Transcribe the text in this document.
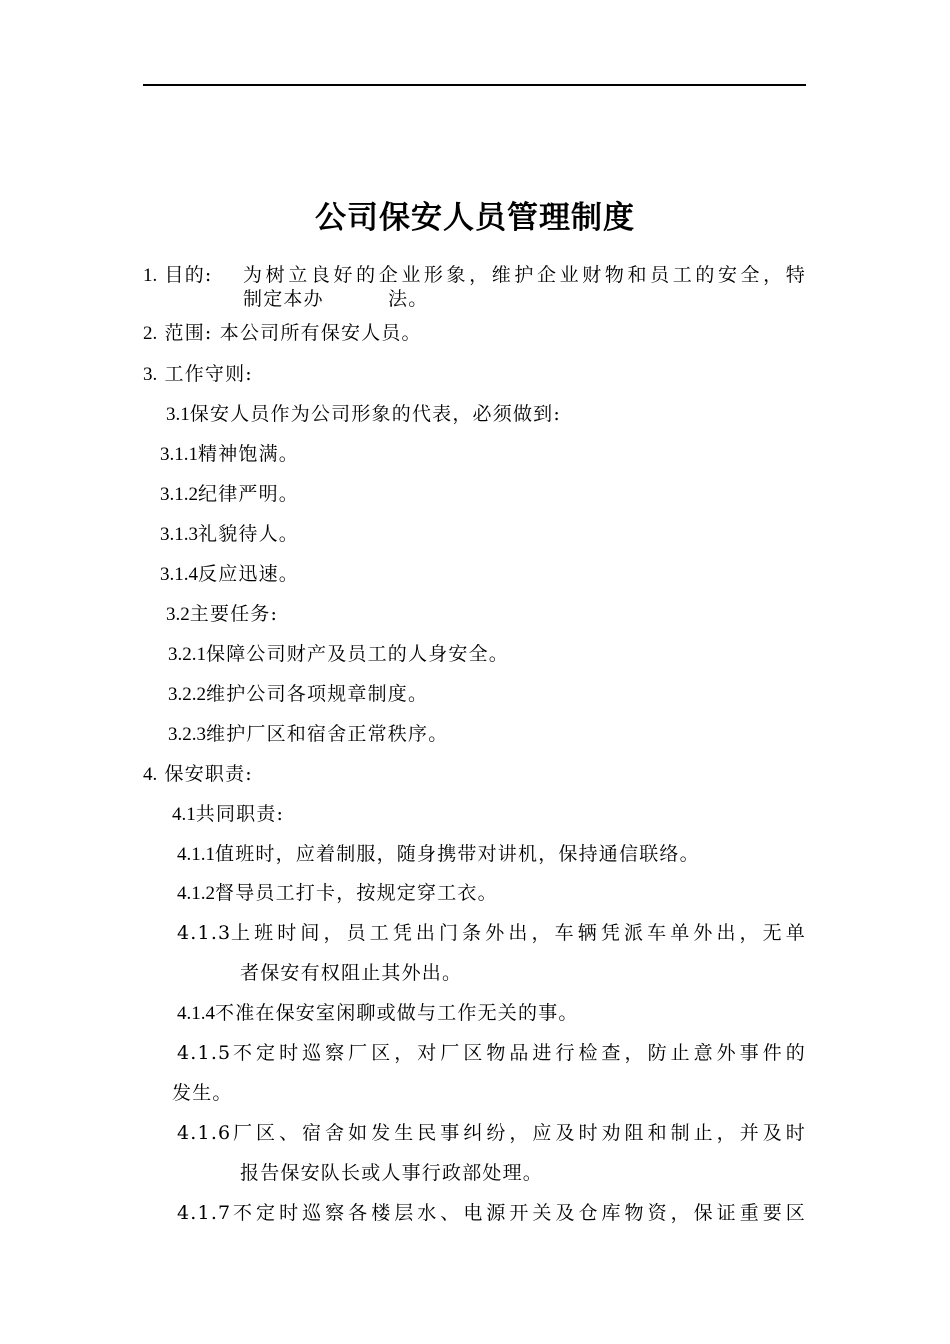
公司保安人员管理制度
1. 目的: 为树立良好的企业形象，维护企业财物和员工的安全，特
制定本办	法。
2. 范围: 本公司所有保安人员。
3. 工作守则:
3.1保安人员作为公司形象的代表，必须做到:
3.1.1精神饱满。
3.1.2纪律严明。
3.1.3礼貌待人。
3.1.4反应迅速。
3.2主要任务:
3.2.1保障公司财产及员工的人身安全。
3.2.2维护公司各项规章制度。
3.2.3维护厂区和宿舍正常秩序。
4. 保安职责:
4.1共同职责:
4.1.1值班时，应着制服，随身携带对讲机，保持通信联络。
4.1.2督导员工打卡，按规定穿工衣。
4.1.3 上班时间，员工凭出门条外出，车辆凭派车单外出，无单
者保安有权阻止其外出。
4.1.4不准在保安室闲聊或做与工作无关的事。
4.1.5 不定时巡察厂区，对厂区物品进行检查，防止意外事件的
发生。
4.1.6 厂区、宿舍如发生民事纠纷，应及时劝阻和制止，并及时
报告保安队长或人事行政部处理。
4.1.7 不定时巡察各楼层水、电源开关及仓库物资，保证重要区
